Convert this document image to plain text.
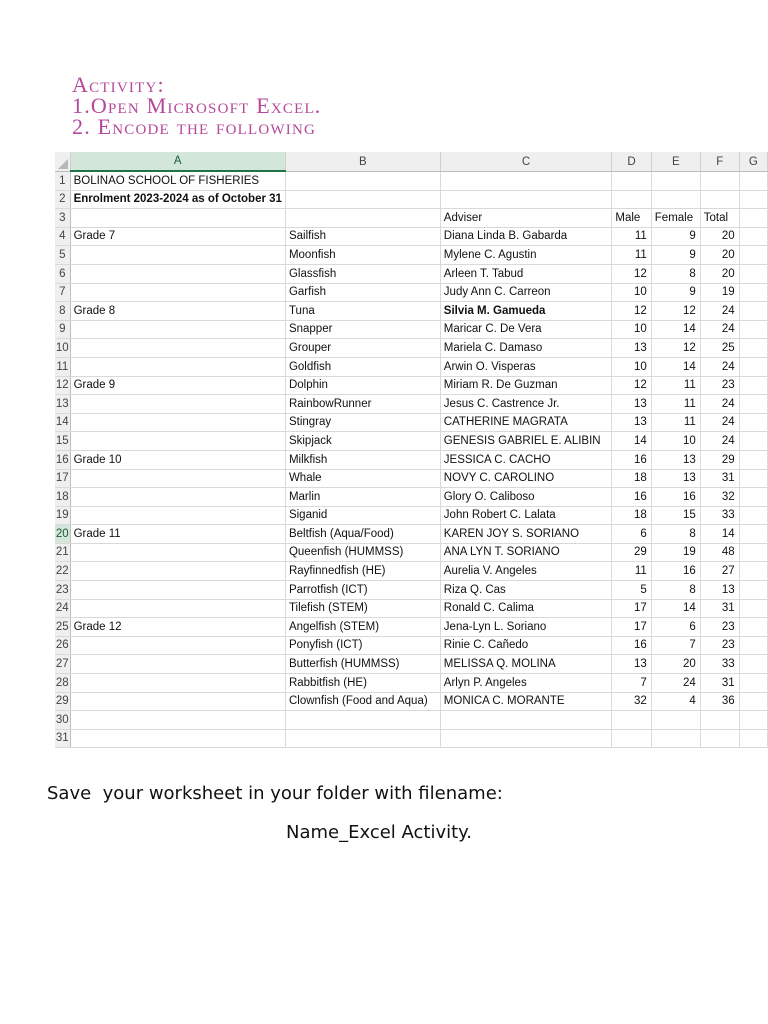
Activity:
1.Open Microsoft Excel.
2. Encode the following
	A	B	C	D	E	F	G
1	BOLINAO SCHOOL OF FISHERIES						
2	Enrolment 2023-2024 as of October 31						
3			Adviser	Male	Female	Total	
4	Grade 7	Sailfish	Diana Linda B. Gabarda	11	9	20	
5		Moonfish	Mylene C. Agustin	11	9	20	
6		Glassfish	Arleen T. Tabud	12	8	20	
7		Garfish	Judy Ann C. Carreon	10	9	19	
8	Grade 8	Tuna	Silvia M. Gamueda	12	12	24	
9		Snapper	Maricar C. De Vera	10	14	24	
10		Grouper	Mariela C. Damaso	13	12	25	
11		Goldfish	Arwin O. Visperas	10	14	24	
12	Grade 9	Dolphin	Miriam R. De Guzman	12	11	23	
13		RainbowRunner	Jesus C. Castrence Jr.	13	11	24	
14		Stingray	CATHERINE MAGRATA	13	11	24	
15		Skipjack	GENESIS GABRIEL E. ALIBIN	14	10	24	
16	Grade 10	Milkfish	JESSICA C. CACHO	16	13	29	
17		Whale	NOVY C. CAROLINO	18	13	31	
18		Marlin	Glory O. Caliboso	16	16	32	
19		Siganid	John Robert C. Lalata	18	15	33	
20	Grade 11	Beltfish (Aqua/Food)	KAREN JOY S. SORIANO	6	8	14	
21		Queenfish (HUMMSS)	ANA LYN T. SORIANO	29	19	48	
22		Rayfinnedfish (HE)	Aurelia V. Angeles	11	16	27	
23		Parrotfish (ICT)	Riza Q. Cas	5	8	13	
24		Tilefish (STEM)	Ronald C. Calima	17	14	31	
25	Grade 12	Angelfish (STEM)	Jena-Lyn L. Soriano	17	6	23	
26		Ponyfish (ICT)	Rinie C. Cañedo	16	7	23	
27		Butterfish (HUMMSS)	MELISSA Q. MOLINA	13	20	33	
28		Rabbitfish (HE)	Arlyn P. Angeles	7	24	31	
29		Clownfish (Food and Aqua)	MONICA C. MORANTE	32	4	36	
30							
31							
Save  your worksheet in your folder with filename:
Name_Excel Activity.
